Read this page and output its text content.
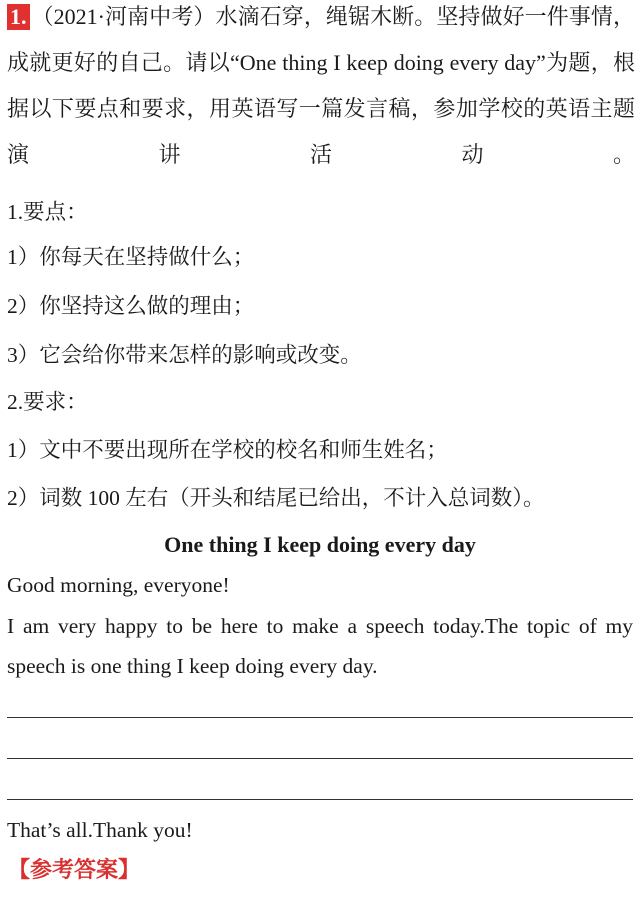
1. （2021·河南中考）水滴石穿，绳锯木断。坚持做好一件事情，成就更好的自己。请以“One thing I keep doing every day”为题，根据以下要点和要求，用英语写一篇发言稿，参加学校的英语主题演讲活动。
1.要点：
1）你每天在坚持做什么；
2）你坚持这么做的理由；
3）它会给你带来怎样的影响或改变。
2.要求：
1）文中不要出现所在学校的校名和师生姓名；
2）词数 100 左右（开头和结尾已给出，不计入总词数）。
One thing I keep doing every day
Good morning, everyone!
I am very happy to be here to make a speech today.The topic of my speech is one thing I keep doing every day.
That’s all.Thank you!
【参考答案】
